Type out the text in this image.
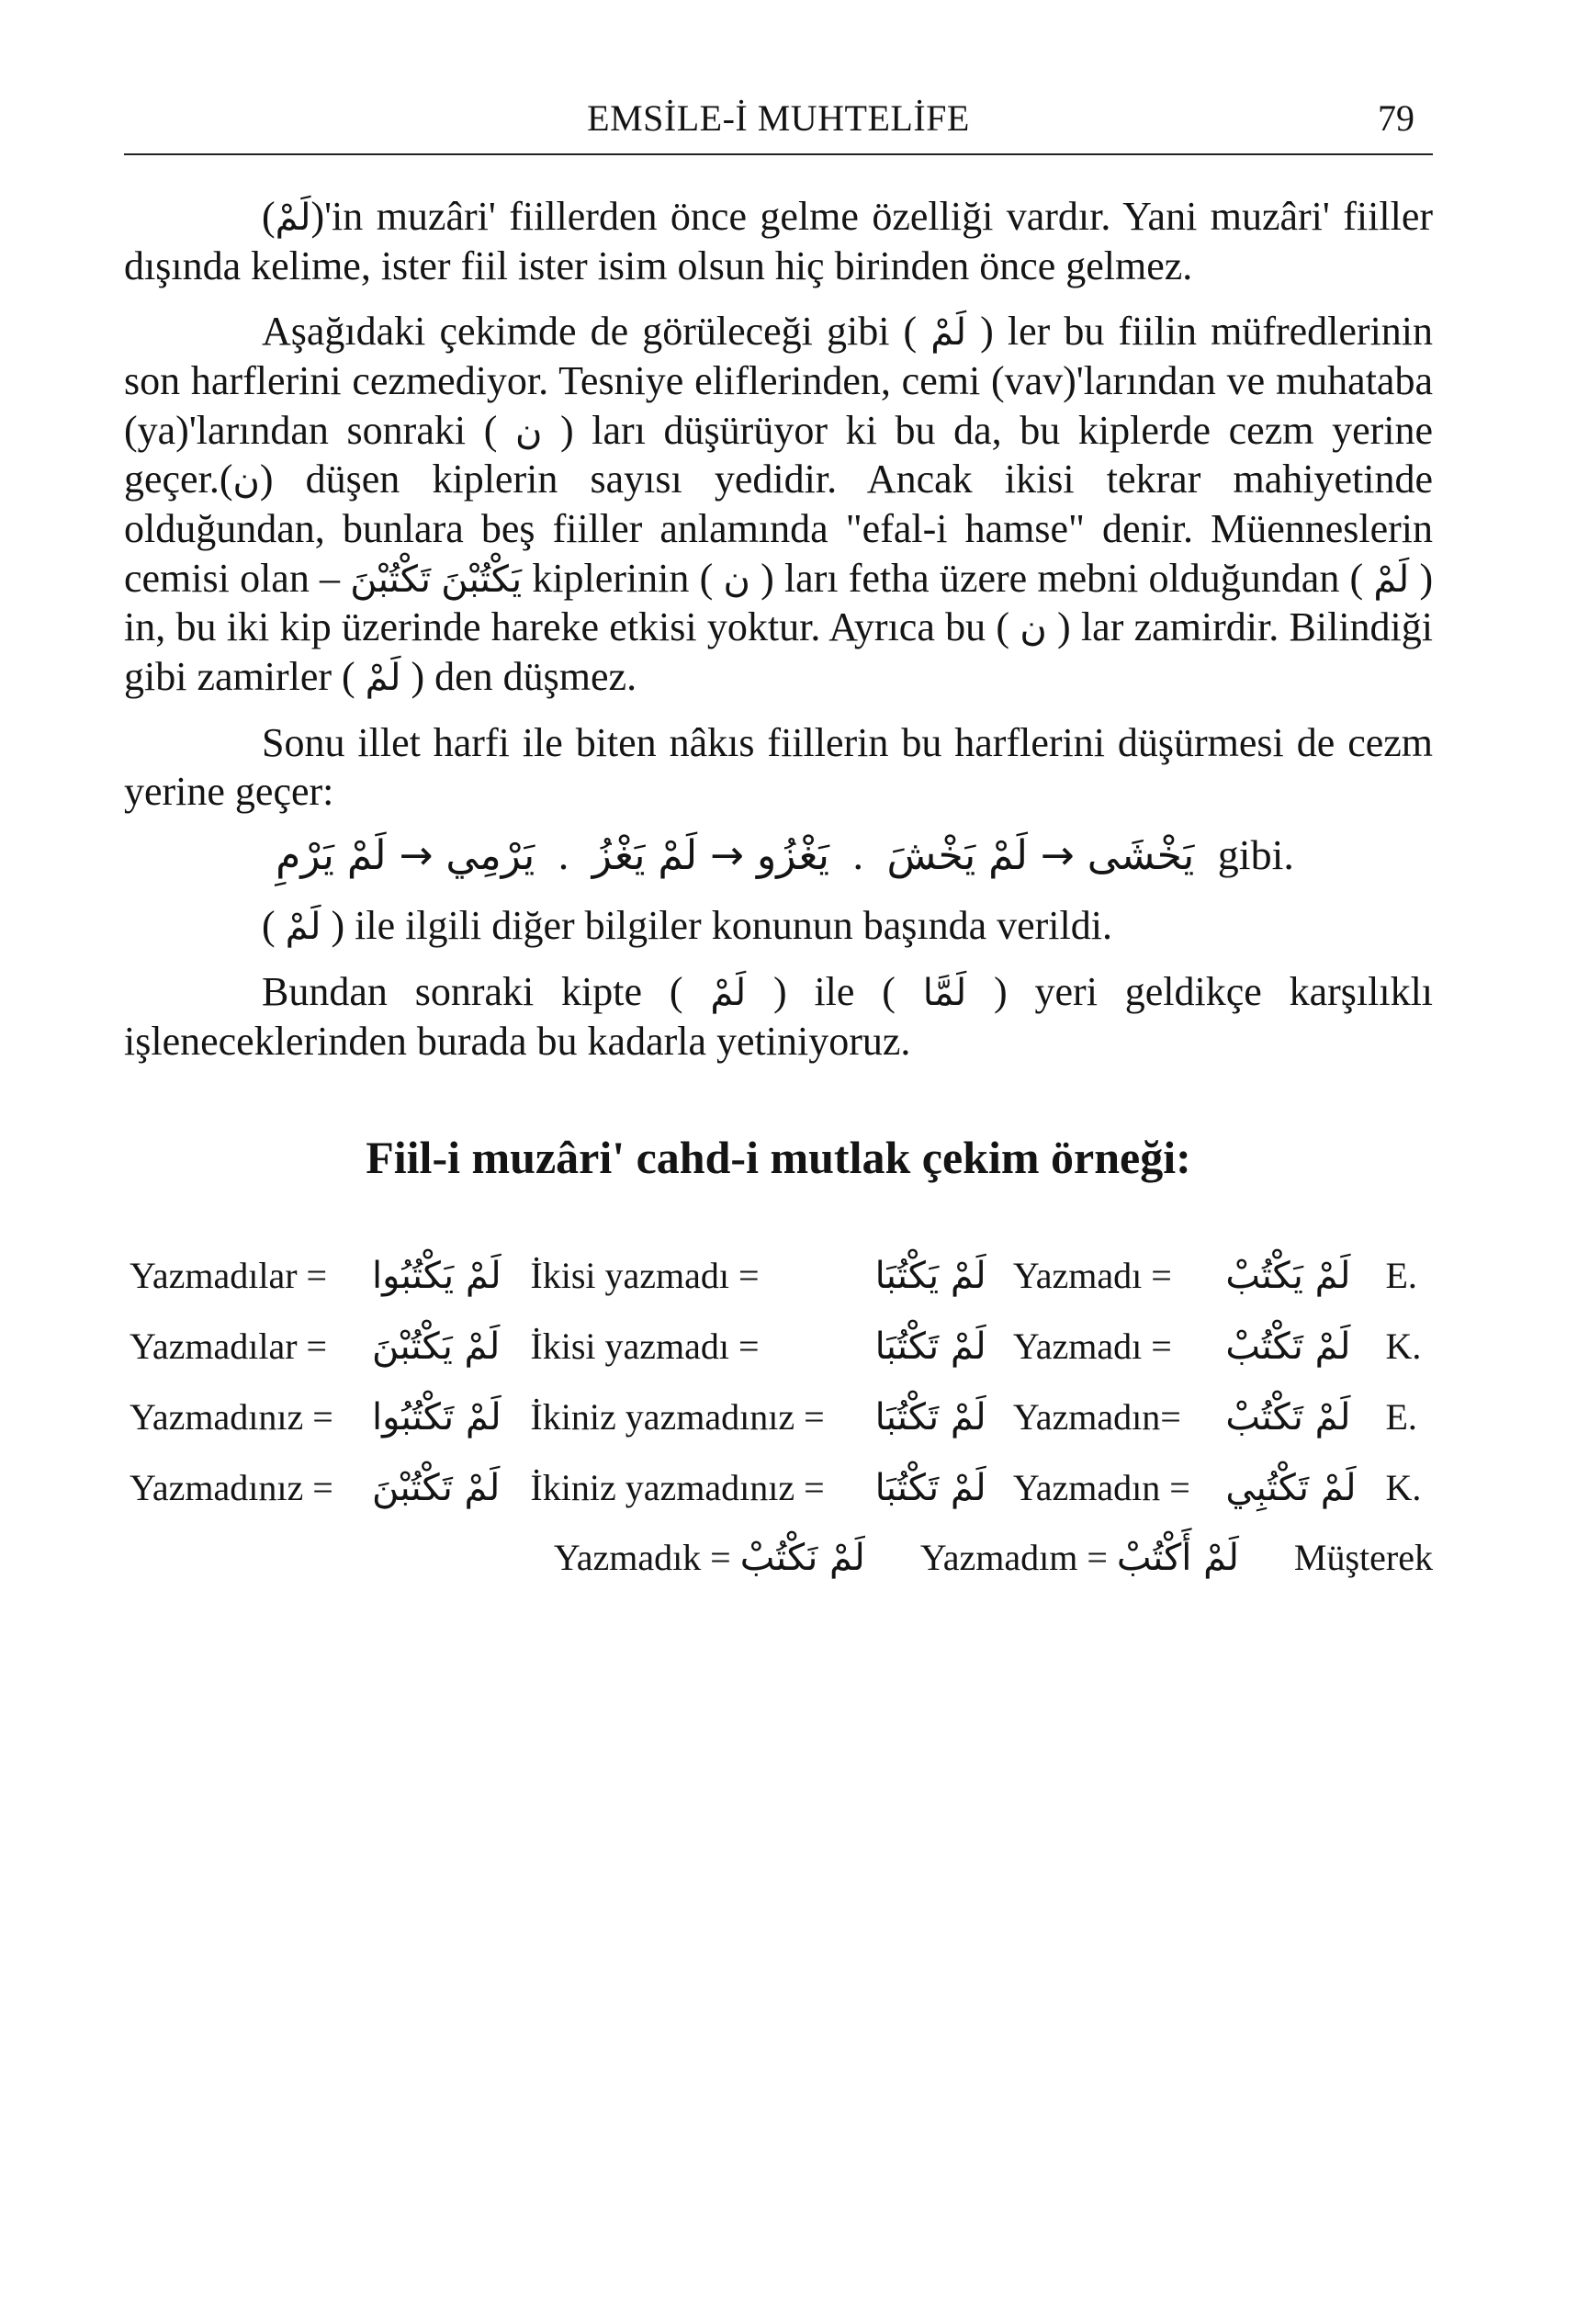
EMSİLE-İ MUHTELİFE	79

(لَمْ)'in muzâri' fiillerden önce gelme özelliği vardır. Yani muzâri' fiiller dışında kelime, ister fiil ister isim olsun hiç birinden önce gelmez.

Aşağıdaki çekimde de görüleceği gibi ( لَمْ ) ler bu fiilin müfredlerinin son harflerini cezmediyor. Tesniye eliflerinden, cemi (vav)'larından ve muhataba (ya)'larından sonraki ( ن ) ları düşürüyor ki bu da, bu kiplerde cezm yerine geçer.(ن) düşen kiplerin sayısı yedidir. Ancak ikisi tekrar mahiyetinde olduğundan, bunlara beş fiiller anlamında "efal-i hamse" denir. Müenneslerin cemisi olan – تَكْتُبْنَ يَكْتُبْنَ kiplerinin ( ن ) ları fetha üzere mebni olduğundan ( لَمْ ) in, bu iki kip üzerinde hareke etkisi yoktur. Ayrıca bu ( ن ) lar zamirdir. Bilindiği gibi zamirler ( لَمْ ) den düşmez.

Sonu illet harfi ile biten nâkıs fiillerin bu harflerini düşürmesi de cezm yerine geçer:

يَرْمِي → لَمْ يَرْمِ . يَغْزُو → لَمْ يَغْزُ . يَخْشَى → لَمْ يَخْشَ gibi.

( لَمْ ) ile ilgili diğer bilgiler konunun başında verildi.

Bundan sonraki kipte ( لَمْ ) ile ( لَمَّا ) yeri geldikçe karşılıklı işleneceklerinden burada bu kadarla yetiniyoruz.

Fiil-i muzâri' cahd-i mutlak çekim örneği:
Yazmadılar =	لَمْ يَكْتُبُوا	İkisi yazmadı =	لَمْ يَكْتُبَا	Yazmadı =	لَمْ يَكْتُبْ	E.
Yazmadılar =	لَمْ يَكْتُبْنَ	İkisi yazmadı =	لَمْ تَكْتُبَا	Yazmadı =	لَمْ تَكْتُبْ	K.
Yazmadınız =	لَمْ تَكْتُبُوا	İkiniz yazmadınız =	لَمْ تَكْتُبَا	Yazmadın=	لَمْ تَكْتُبْ	E.
Yazmadınız =	لَمْ تَكْتُبْنَ	İkiniz yazmadınız =	لَمْ تَكْتُبَا	Yazmadın =	لَمْ تَكْتُبِي	K.
Yazmadık = لَمْ نَكْتُبْ Yazmadım = لَمْ أَكْتُبْ Müşterek
